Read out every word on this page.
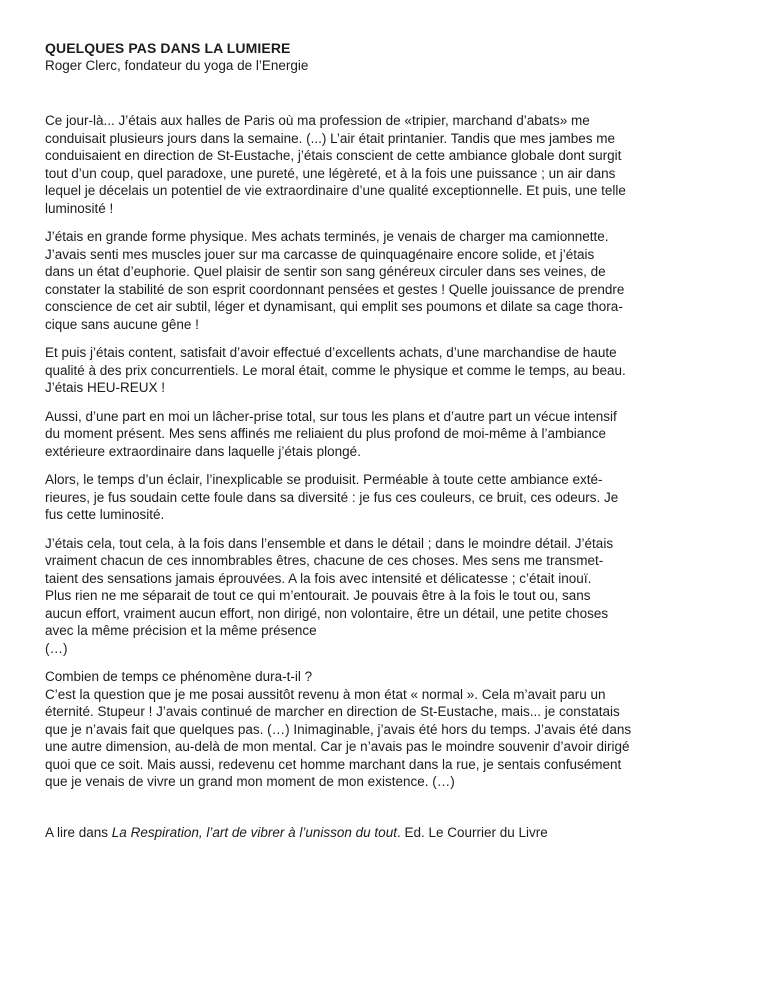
QUELQUES PAS DANS LA LUMIERE
Roger Clerc, fondateur du yoga de l’Energie

Ce jour-là... J’étais aux halles de Paris où ma profession de «tripier, marchand d’abats» me
conduisait plusieurs jours dans la semaine. (...) L’air était printanier. Tandis que mes jambes me
conduisaient en direction de St-Eustache, j’étais conscient de cette ambiance globale dont surgit
tout d’un coup, quel paradoxe, une pureté, une légèreté, et à la fois une puissance ; un air dans
lequel je décelais un potentiel de vie extraordinaire d’une qualité exceptionnelle. Et puis, une telle
luminosité !

J’étais en grande forme physique. Mes achats terminés, je venais de charger ma camionnette.
J’avais senti mes muscles jouer sur ma carcasse de quinquagénaire encore solide, et j’étais
dans un état d’euphorie. Quel plaisir de sentir son sang généreux circuler dans ses veines, de
constater la stabilité de son esprit coordonnant pensées et gestes ! Quelle jouissance de prendre
conscience de cet air subtil, léger et dynamisant, qui emplit ses poumons et dilate sa cage thora-
cique sans aucune gêne !

Et puis j’étais content, satisfait d’avoir effectué d’excellents achats, d’une marchandise de haute
qualité à des prix concurrentiels. Le moral était, comme le physique et comme le temps, au beau.
J’étais HEU-REUX !

Aussi, d’une part en moi un lâcher-prise total, sur tous les plans et d’autre part un vécue intensif
du moment présent. Mes sens affinés me reliaient du plus profond de moi-même à l’ambiance
extérieure extraordinaire dans laquelle j’étais plongé.

Alors, le temps d’un éclair, l’inexplicable se produisit. Perméable à toute cette ambiance exté-
rieures, je fus soudain cette foule dans sa diversité : je fus ces couleurs, ce bruit, ces odeurs. Je
fus cette luminosité.

J’étais cela, tout cela, à la fois dans l’ensemble et dans le détail ; dans le moindre détail. J’étais
vraiment chacun de ces innombrables êtres, chacune de ces choses. Mes sens me transmet-
taient des sensations jamais éprouvées. A la fois avec intensité et délicatesse ; c’était inouï.
Plus rien ne me séparait de tout ce qui m’entourait. Je pouvais être à la fois le tout ou, sans
aucun effort, vraiment aucun effort, non dirigé, non volontaire, être un détail, une petite choses
avec la même précision et la même présence
(…)

Combien de temps ce phénomène dura-t-il ?
C’est la question que je me posai aussitôt revenu à mon état « normal ». Cela m’avait paru un
éternité. Stupeur ! J’avais continué de marcher en direction de St-Eustache, mais... je constatais
que je n’avais fait que quelques pas. (…) Inimaginable, j’avais été hors du temps. J’avais été dans
une autre dimension, au-delà de mon mental. Car je n’avais pas le moindre souvenir d’avoir dirigé
quoi que ce soit. Mais aussi, redevenu cet homme marchant dans la rue, je sentais confusément
que je venais de vivre un grand mon moment de mon existence. (…)

A lire dans La Respiration, l’art de vibrer à l’unisson du tout. Ed. Le Courrier du Livre
